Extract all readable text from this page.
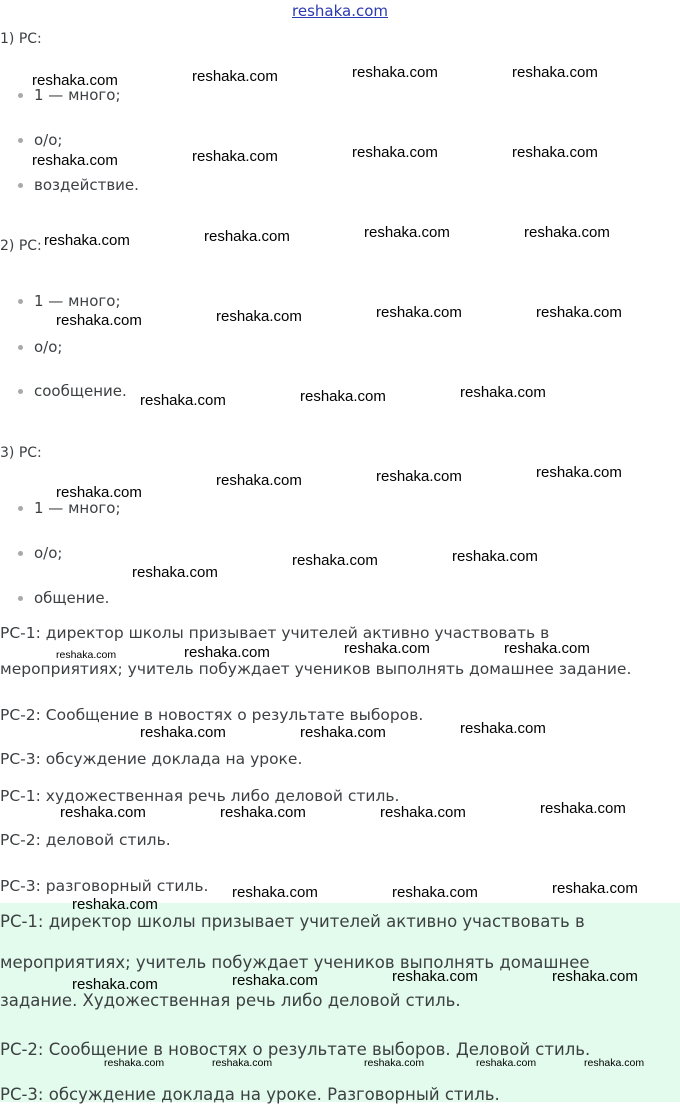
reshaka.com
1) РС:
1 — много;
о/о;
воздействие.
2) РС:
1 — много;
о/о;
сообщение.
3) РС:
1 — много;
о/о;
общение.
РС-1: директор школы призывает учителей активно участвовать в
мероприятиях; учитель побуждает учеников выполнять домашнее задание.
РС-2: Сообщение в новостях о результате выборов.
РС-3: обсуждение доклада на уроке.
РС-1: художественная речь либо деловой стиль.
РС-2: деловой стиль.
РС-3: разговорный стиль.
РС-1: директор школы призывает учителей активно участвовать в
мероприятиях; учитель побуждает учеников выполнять домашнее
задание. Художественная речь либо деловой стиль.
РС-2: Сообщение в новостях о результате выборов. Деловой стиль.
РС-3: обсуждение доклада на уроке. Разговорный стиль.
reshaka.com	reshaka.com	reshaka.com	reshaka.com
reshaka.com	reshaka.com	reshaka.com	reshaka.com
reshaka.com	reshaka.com	reshaka.com	reshaka.com
reshaka.com	reshaka.com	reshaka.com	reshaka.com
reshaka.com	reshaka.com	reshaka.com
reshaka.com
reshaka.com	reshaka.com	reshaka.com
reshaka.com
reshaka.com	reshaka.com
reshaka.com	reshaka.com	reshaka.com	reshaka.com
reshaka.com	reshaka.com	reshaka.com
reshaka.com	reshaka.com	reshaka.com	reshaka.com
reshaka.com	reshaka.com	reshaka.com
reshaka.com
reshaka.com	reshaka.com
reshaka.com
reshaka.com
reshaka.com	reshaka.com	reshaka.com	reshaka.com	reshaka.com
